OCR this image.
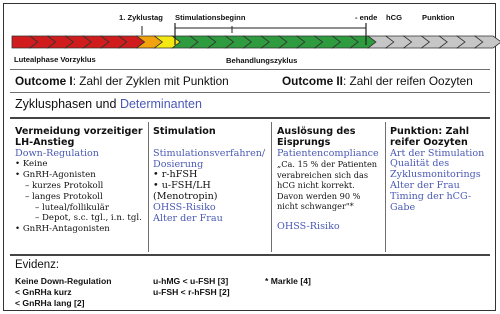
1. Zyklustag Stimulationsbeginn	- ende hCG	Punktion
Lutealphase Vorzyklus	Behandlungszyklus
Outcome I: Zahl der Zyklen mit Punktion	Outcome II: Zahl der reifen Oozyten
Zyklusphasen und Determinanten
Vermeidung vorzeitiger
LH-Anstieg
Down-Regulation
• Keine
• GnRH-Agonisten
– kurzes Protokoll
– langes Protokoll
– luteal/follikulär
– Depot, s.c. tgl., i.n. tgl.
• GnRH-Antagonisten
Stimulation
Stimulationsverfahren/
Dosierung
• r-hFSH
• u-FSH/LH
(Menotropin)
OHSS-Risiko
Alter der Frau
Auslösung des
Eisprungs
Patientencompliance
„Ca. 15 % der Patienten
verabreichen sich das
hCG nicht korrekt.
Davon werden 90 %
nicht schwanger"*
OHSS-Risiko
Punktion: Zahl
reifer Oozyten
Art der Stimulation
Qualität des
Zyklusmonitorings
Alter der Frau
Timing der hCG-
Gabe
Evidenz:
Keine Down-Regulation
< GnRHa kurz
< GnRHa lang [2]
u-hMG < u-FSH [3]
u-FSH < r-hFSH [2]
* Markle [4]
